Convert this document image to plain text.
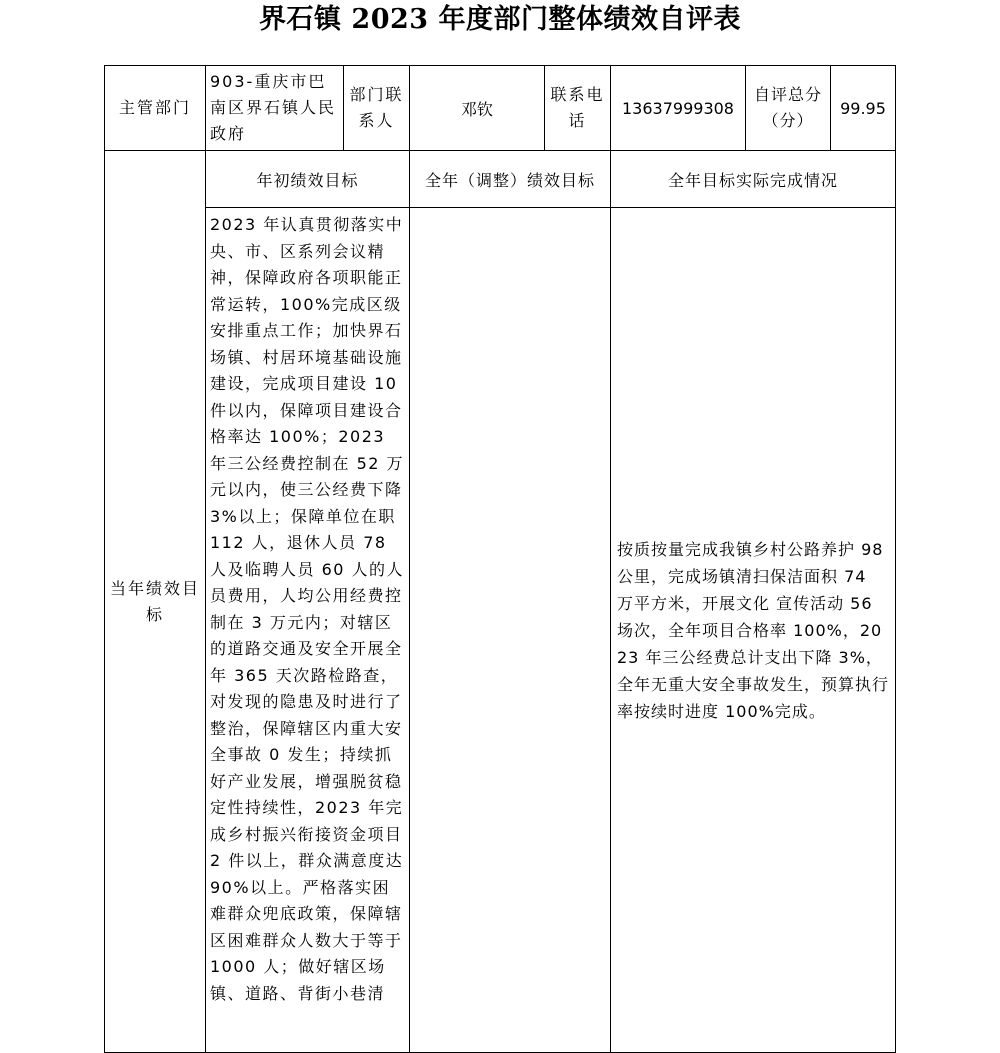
界石镇 2023 年度部门整体绩效自评表
主管部门	903-重庆市巴南区界石镇人民政府	部门联系人	邓钦	联系电话	13637999308	自评总分（分）	99.95
当年绩效目标	年初绩效目标		全年（调整）绩效目标		全年目标实际完成情况		
	2023 年认真贯彻落实中央、市、区系列会议精神，保障政府各项职能正常运转，100%完成区级安排重点工作；加快界石场镇、村居环境基础设施建设，完成项目建设 10 件以内，保障项目建设合格率达 100%；2023 年三公经费控制在 52 万元以内，使三公经费下降 3%以上；保障单位在职 112 人，退休人员 78 人及临聘人员 60 人的人员费用，人均公用经费控制在 3 万元内；对辖区的道路交通及安全开展全年 365 天次路检路查，对发现的隐患及时进行了整治，保障辖区内重大安全事故 0 发生；持续抓好产业发展，增强脱贫稳定性持续性，2023 年完成乡村振兴衔接资金项目 2 件以上，群众满意度达 90%以上。严格落实困难群众兜底政策，保障辖区困难群众人数大于等于 1000 人；做好辖区场镇、道路、背街小巷清				按质按量完成我镇乡村公路养护 98 公里，完成场镇清扫保洁面积 74 万平方米，开展文化 宣传活动 56 场次，全年项目合格率 100%，2023 年三公经费总计支出下降 3%，全年无重大安全事故发生，预算执行率按续时进度 100%完成。		
